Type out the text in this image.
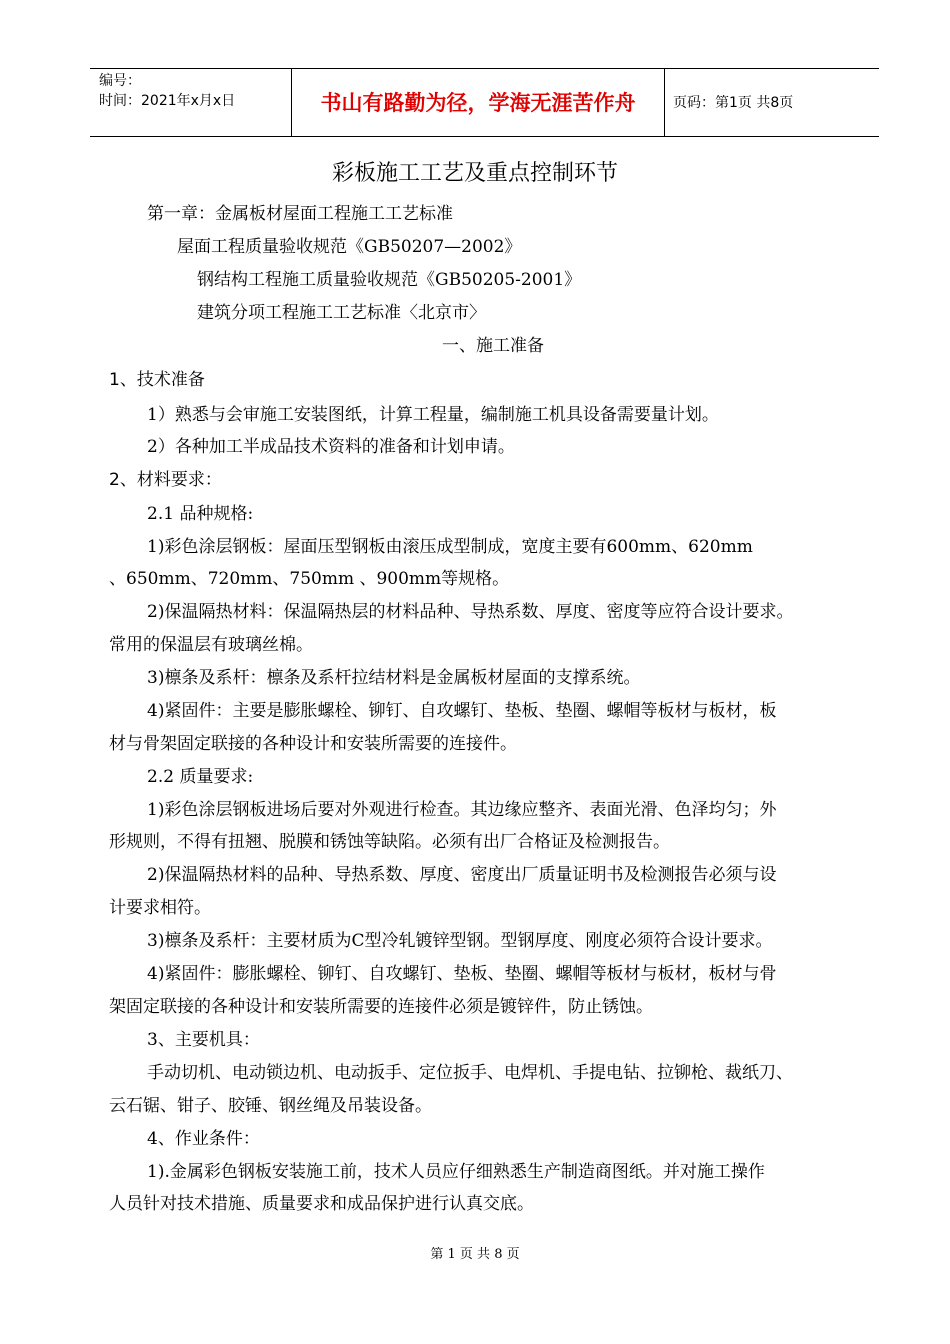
编号：
时间：2021年x月x日	书山有路勤为径，学海无涯苦作舟	页码：第1页 共8页
彩板施工工艺及重点控制环节
第一章：金属板材屋面工程施工工艺标准
屋面工程质量验收规范《GB50207—2002》
钢结构工程施工质量验收规范《GB50205-2001》
建筑分项工程施工工艺标准〈北京市〉
一、施工准备
1、技术准备
1）熟悉与会审施工安装图纸，计算工程量，编制施工机具设备需要量计划。
2）各种加工半成品技术资料的准备和计划申请。
2、材料要求：
2.1 品种规格:
1)彩色涂层钢板：屋面压型钢板由滚压成型制成，宽度主要有600mm、620mm
、650mm、720mm、750mm 、900mm等规格。
2)保温隔热材料：保温隔热层的材料品种、导热系数、厚度、密度等应符合设计要求。
常用的保温层有玻璃丝棉。
3)檩条及系杆：檩条及系杆拉结材料是金属板材屋面的支撑系统。
4)紧固件：主要是膨胀螺栓、铆钉、自攻螺钉、垫板、垫圈、螺帽等板材与板材，板
材与骨架固定联接的各种设计和安装所需要的连接件。
2.2 质量要求:
1)彩色涂层钢板进场后要对外观进行检查。其边缘应整齐、表面光滑、色泽均匀；外
形规则，不得有扭翘、脱膜和锈蚀等缺陷。必须有出厂合格证及检测报告。
2)保温隔热材料的品种、导热系数、厚度、密度出厂质量证明书及检测报告必须与设
计要求相符。
3)檩条及系杆：主要材质为C型冷轧镀锌型钢。型钢厚度、刚度必须符合设计要求。
4)紧固件：膨胀螺栓、铆钉、自攻螺钉、垫板、垫圈、螺帽等板材与板材，板材与骨
架固定联接的各种设计和安装所需要的连接件必须是镀锌件，防止锈蚀。
3、主要机具：
手动切机、电动锁边机、电动扳手、定位扳手、电焊机、手提电钻、拉铆枪、裁纸刀、
云石锯、钳子、胶锤、钢丝绳及吊装设备。
4、作业条件：
1).金属彩色钢板安装施工前，技术人员应仔细熟悉生产制造商图纸。并对施工操作
人员针对技术措施、质量要求和成品保护进行认真交底。
第 1 页 共 8 页
